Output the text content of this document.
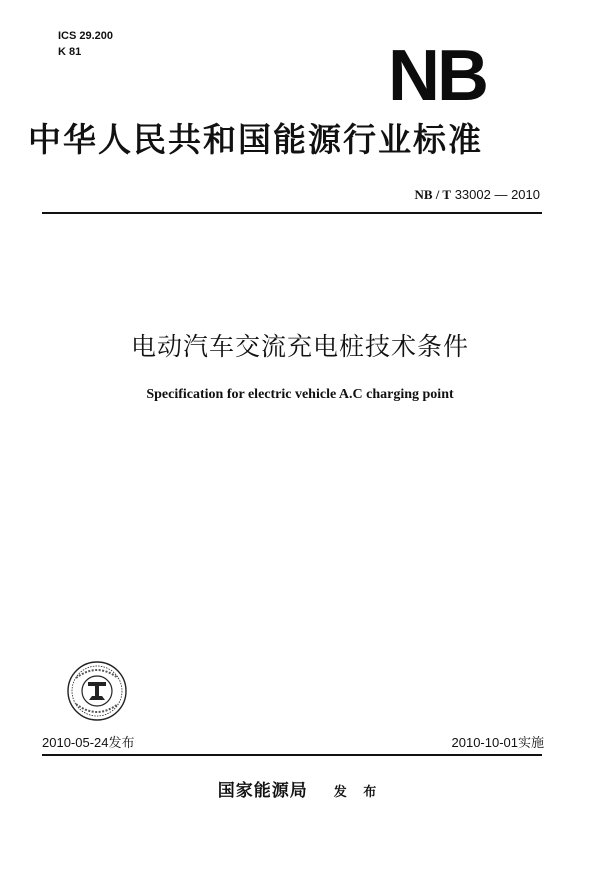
ICS 29.200
K 81	NB
中华人民共和国能源行业标准
NB / T 33002 — 2010
电动汽车交流充电桩技术条件
Specification for electric vehicle A.C charging point
2010-05-24发布	2010-10-01实施
国家能源局 发 布
